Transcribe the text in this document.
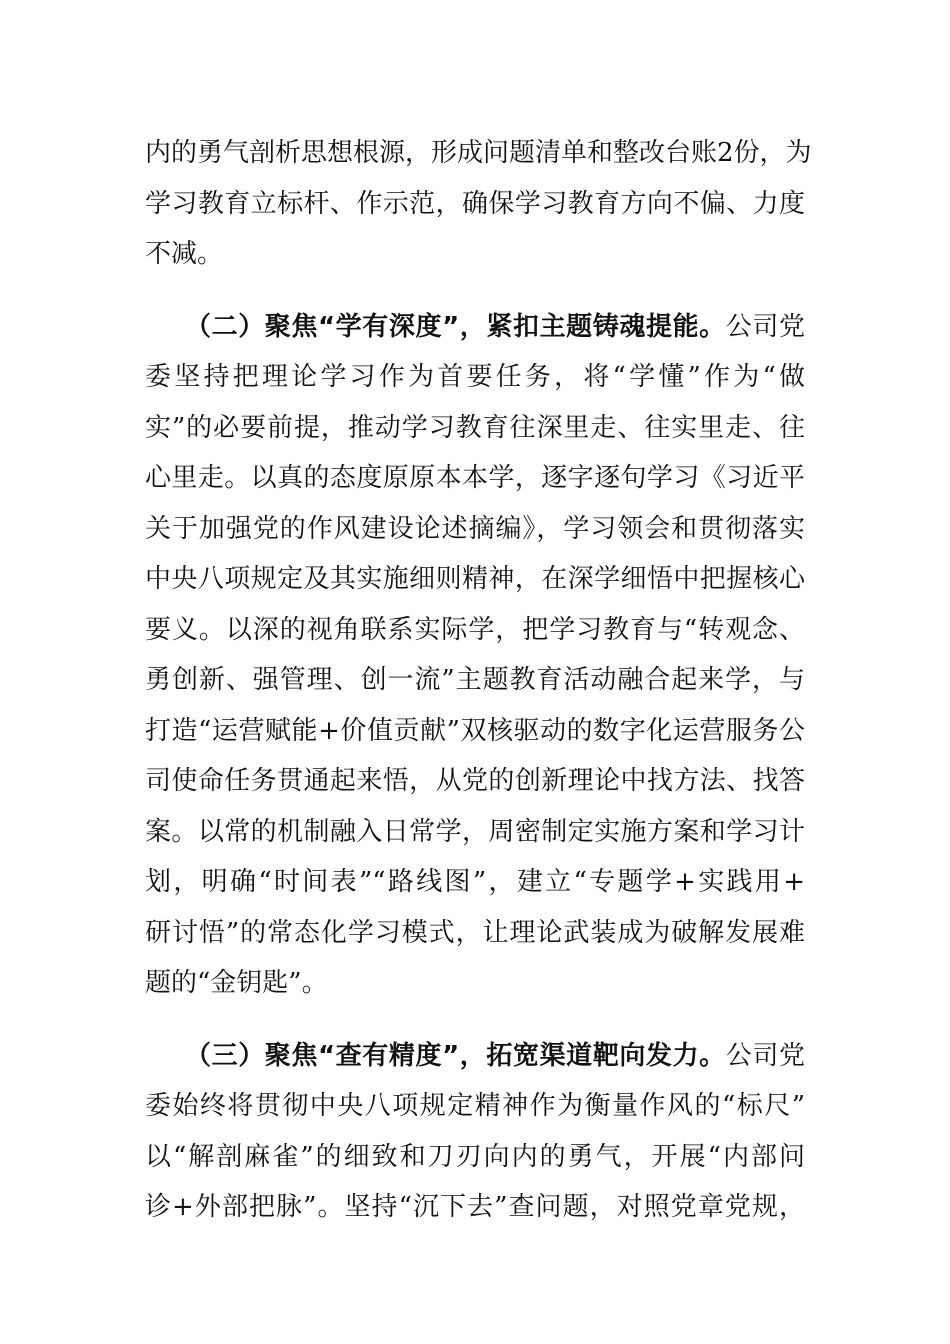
内的勇气剖析思想根源，形成问题清单和整改台账2份，为
学习教育立标杆、作示范，确保学习教育方向不偏、力度
不减。
（二）聚焦“学有深度”，紧扣主题铸魂提能。公司党
委坚持把理论学习作为首要任务，将“学懂”作为“做
实”的必要前提，推动学习教育往深里走、往实里走、往
心里走。以真的态度原原本本学，逐字逐句学习《习近平
关于加强党的作风建设论述摘编》，学习领会和贯彻落实
中央八项规定及其实施细则精神，在深学细悟中把握核心
要义。以深的视角联系实际学，把学习教育与“转观念、
勇创新、强管理、创一流”主题教育活动融合起来学，与
打造“运营赋能+价值贡献”双核驱动的数字化运营服务公
司使命任务贯通起来悟，从党的创新理论中找方法、找答
案。以常的机制融入日常学，周密制定实施方案和学习计
划，明确“时间表”“路线图”，建立“专题学+实践用+
研讨悟”的常态化学习模式，让理论武装成为破解发展难
题的“金钥匙”。
（三）聚焦“查有精度”，拓宽渠道靶向发力。公司党
委始终将贯彻中央八项规定精神作为衡量作风的“标尺”
以“解剖麻雀”的细致和刀刃向内的勇气，开展“内部问
诊+外部把脉”。坚持“沉下去”查问题，对照党章党规，
